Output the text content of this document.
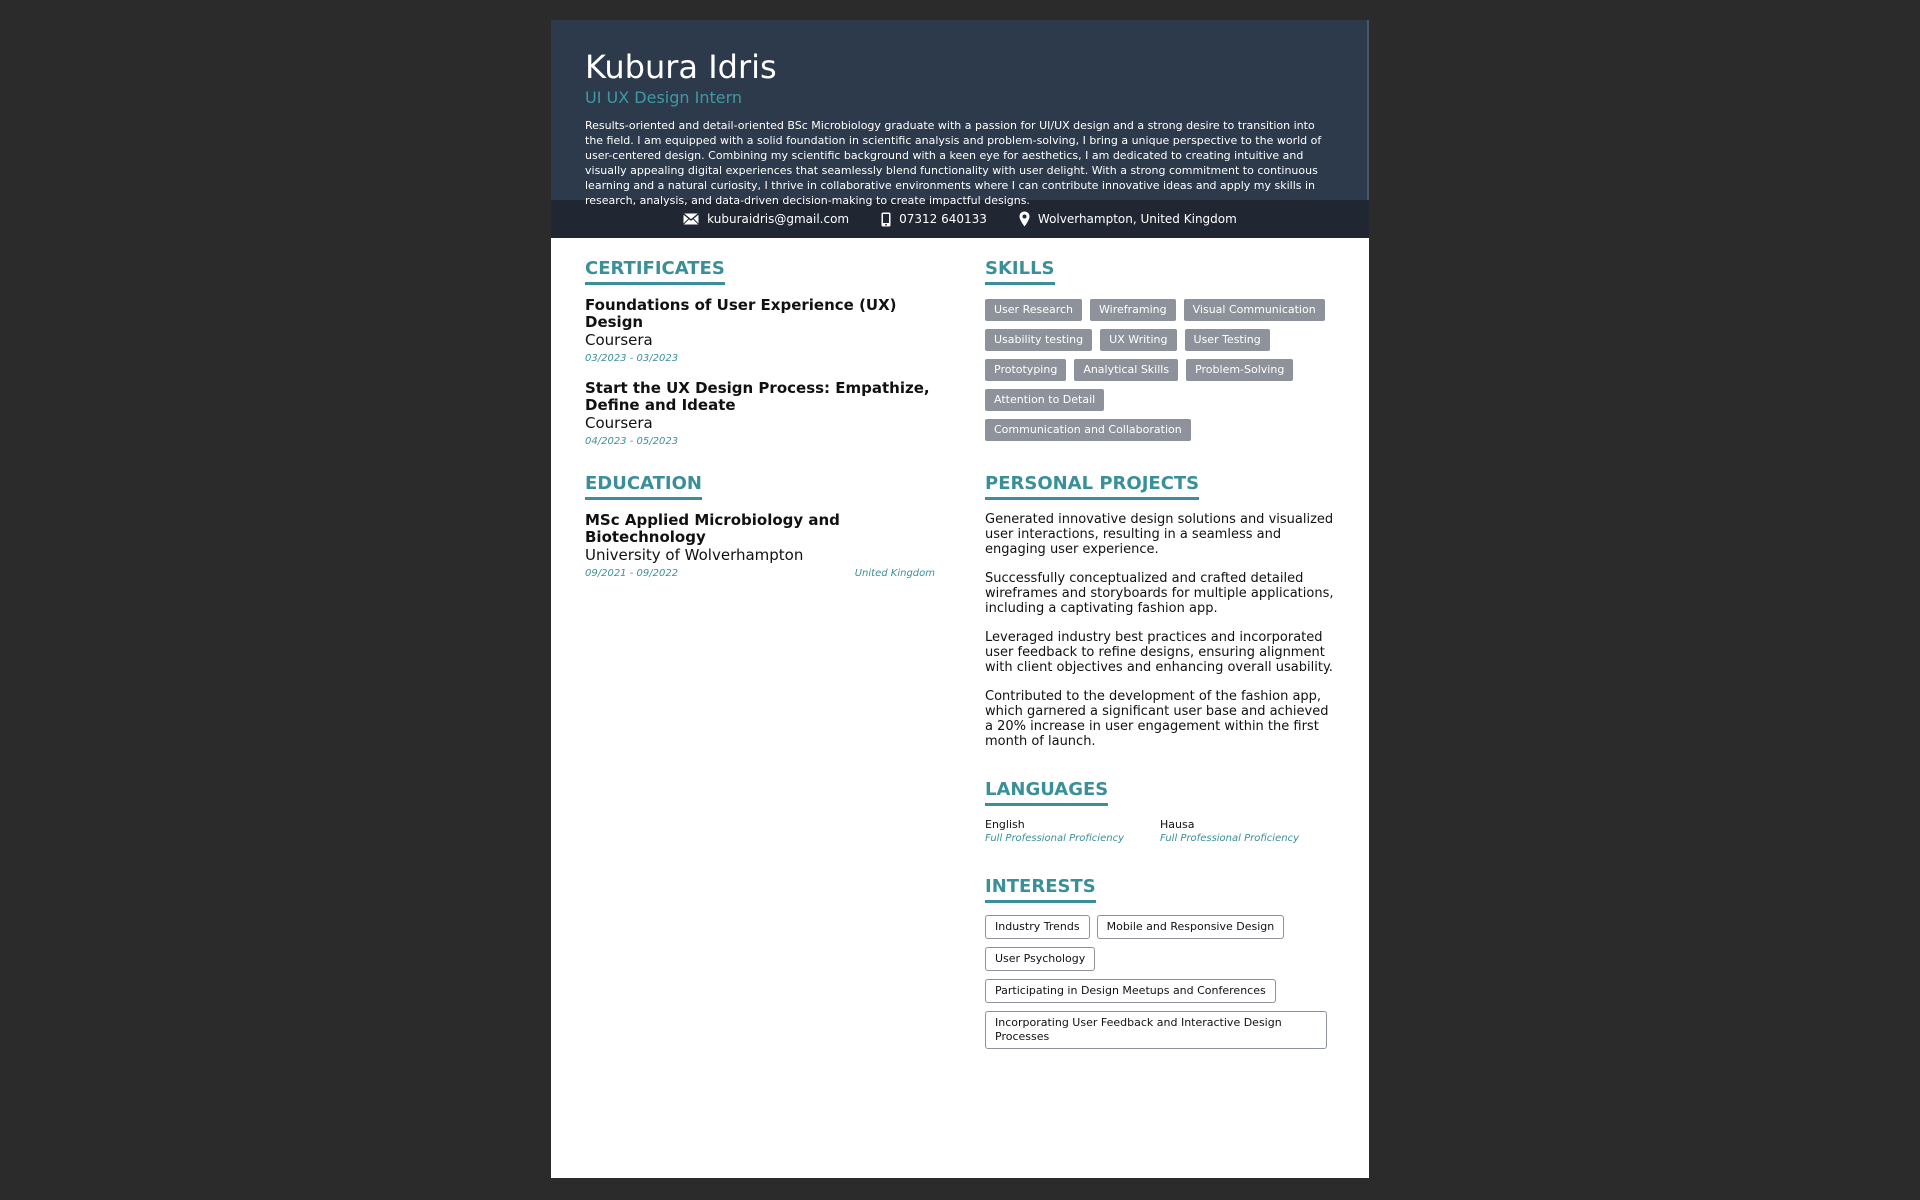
Kubura Idris
UI UX Design Intern

Results-oriented and detail-oriented BSc Microbiology graduate with a passion for UI/UX design and a strong desire to transition into the field. I am equipped with a solid foundation in scientific analysis and problem-solving, I bring a unique perspective to the world of user-centered design. Combining my scientific background with a keen eye for aesthetics, I am dedicated to creating intuitive and visually appealing digital experiences that seamlessly blend functionality with user delight. With a strong commitment to continuous learning and a natural curiosity, I thrive in collaborative environments where I can contribute innovative ideas and apply my skills in research, analysis, and data-driven decision-making to create impactful designs.

kuburaidris@gmail.com	07312 640133	Wolverhampton, United Kingdom
CERTIFICATES
Foundations of User Experience (UX) Design
Coursera
03/2023 - 03/2023
Start the UX Design Process: Empathize, Define and Ideate
Coursera
04/2023 - 05/2023
EDUCATION
MSc Applied Microbiology and Biotechnology
University of Wolverhampton
09/2021 - 09/2022	United Kingdom
SKILLS
User Research	Wireframing	Visual Communication
Usability testing	UX Writing	User Testing
Prototyping	Analytical Skills	Problem-Solving
Attention to Detail
Communication and Collaboration
PERSONAL PROJECTS

Generated innovative design solutions and visualized user interactions, resulting in a seamless and engaging user experience.

Successfully conceptualized and crafted detailed wireframes and storyboards for multiple applications, including a captivating fashion app.

Leveraged industry best practices and incorporated user feedback to refine designs, ensuring alignment with client objectives and enhancing overall usability.

Contributed to the development of the fashion app, which garnered a significant user base and achieved a 20% increase in user engagement within the first month of launch.

LANGUAGES
English
Full Professional Proficiency
Hausa
Full Professional Proficiency
INTERESTS
Industry Trends	Mobile and Responsive Design
User Psychology
Participating in Design Meetups and Conferences
Incorporating User Feedback and Interactive Design Processes
